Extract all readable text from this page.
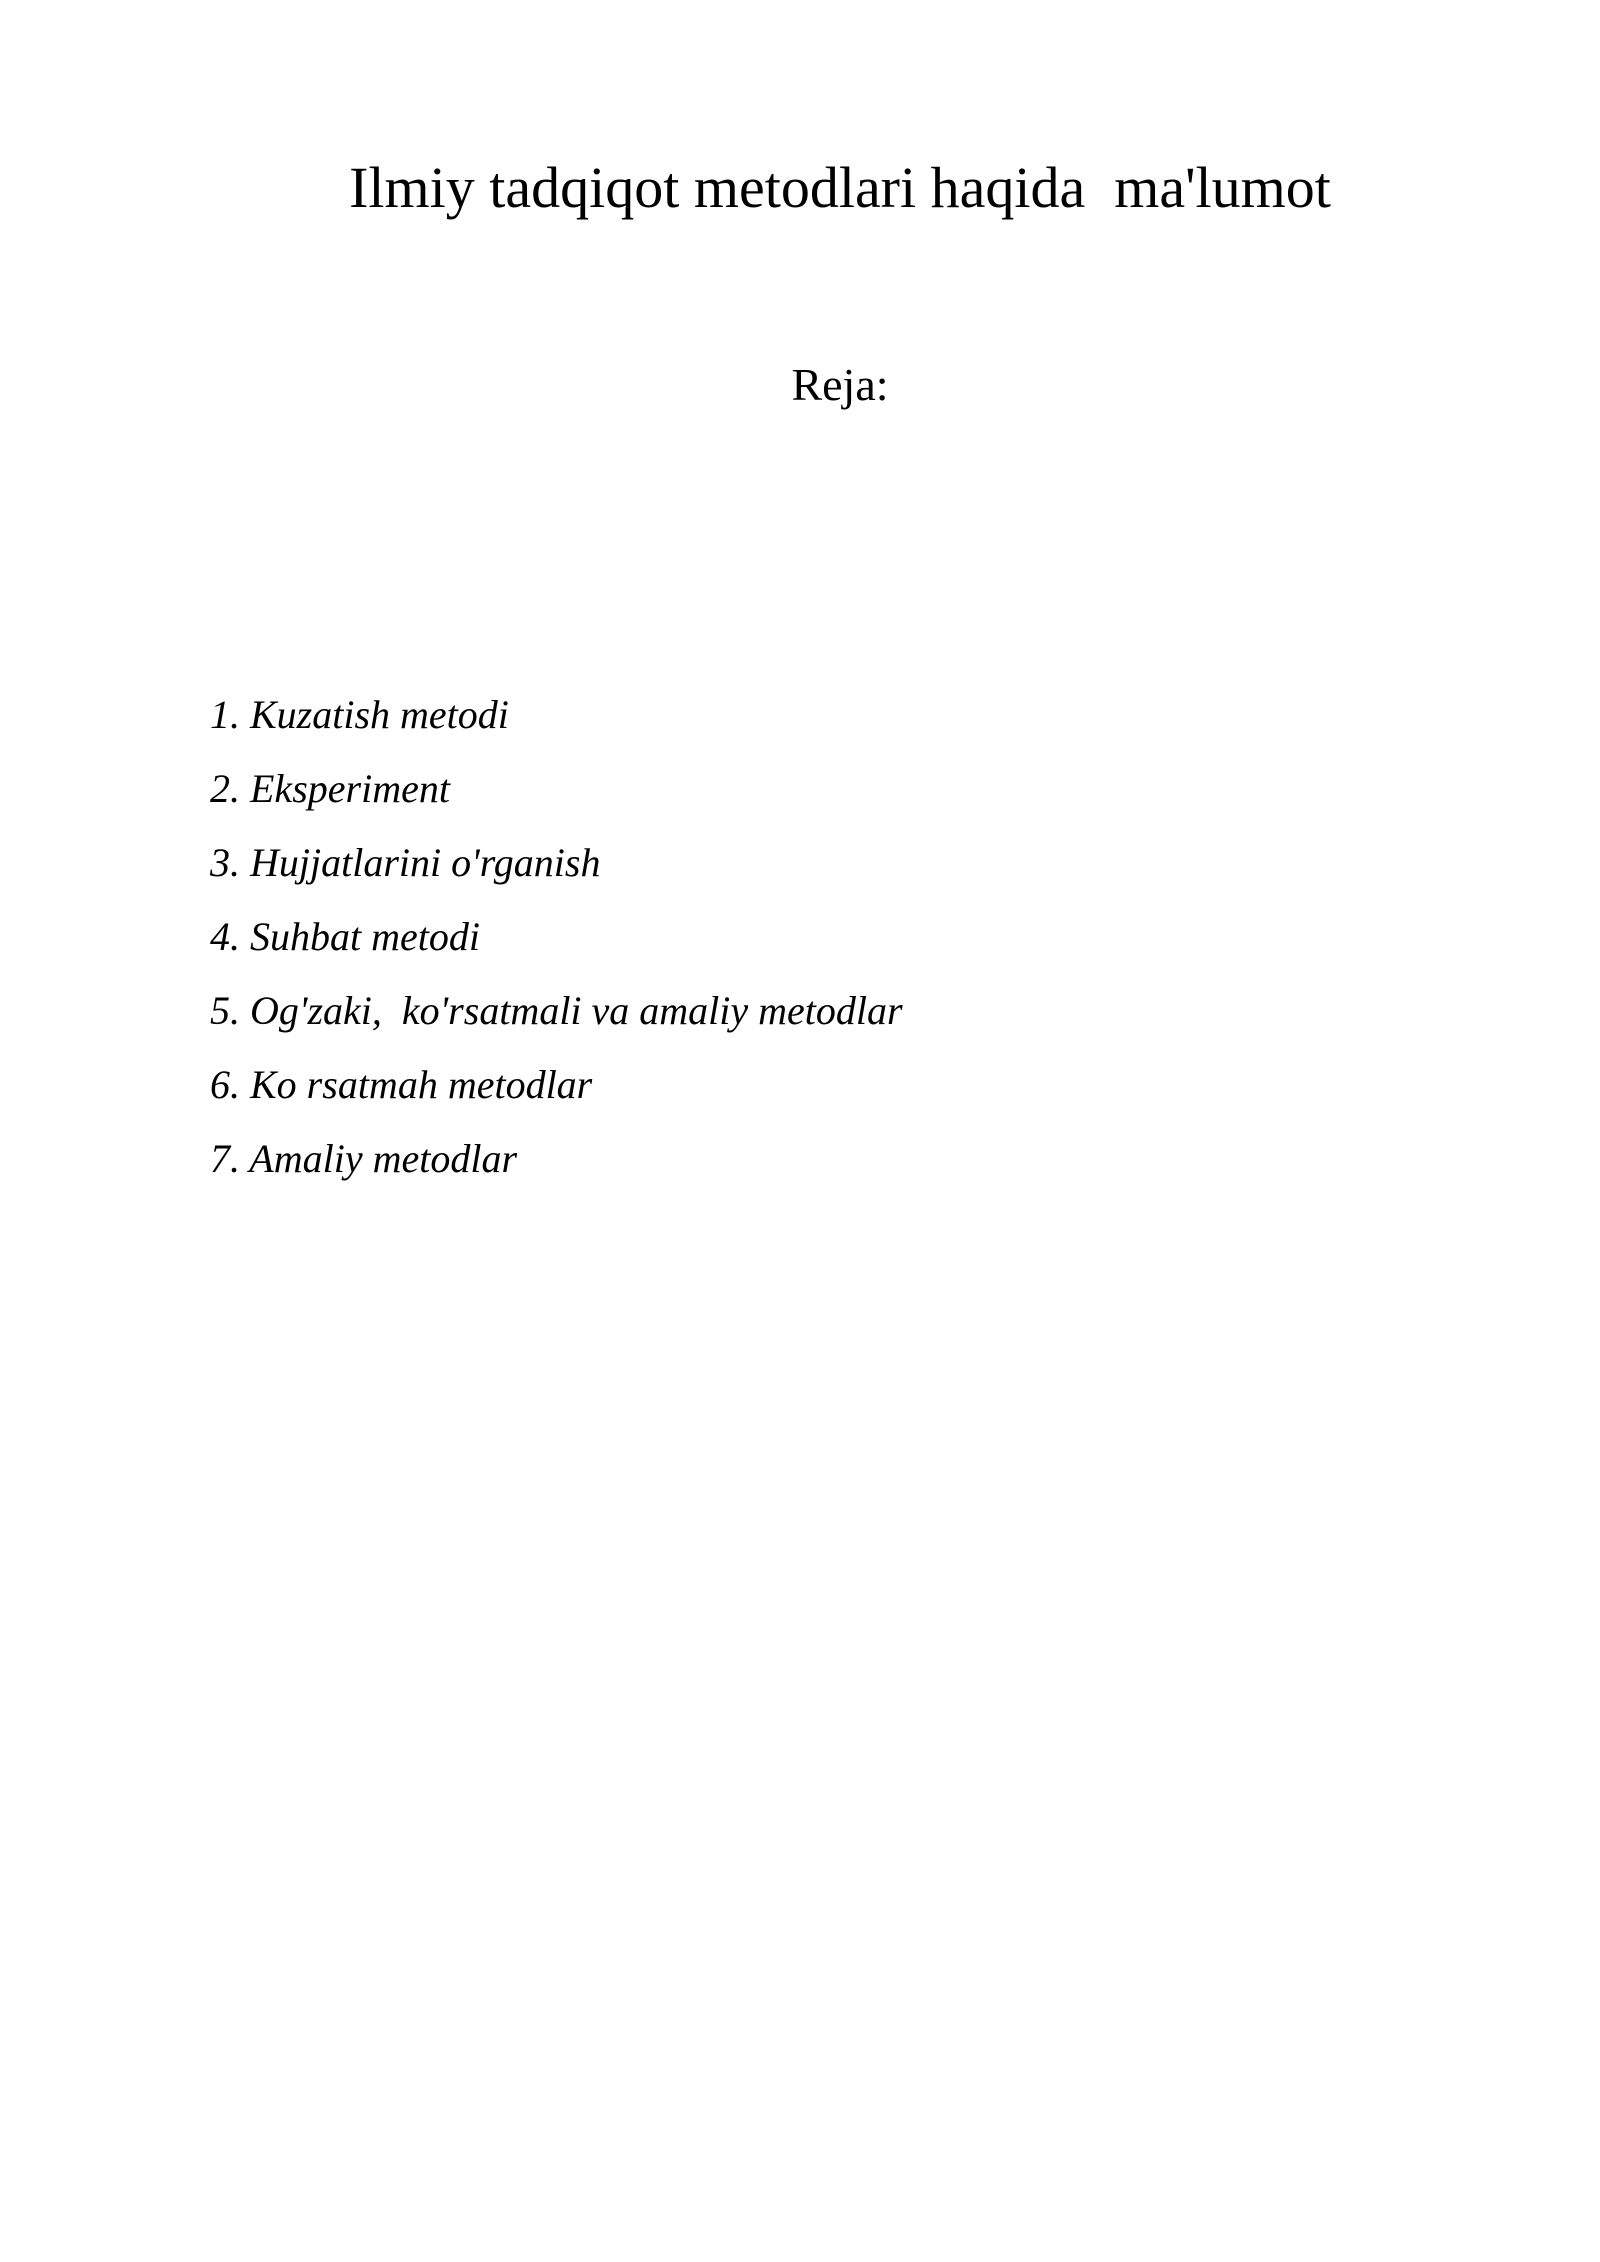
Ilmiy tadqiqot metodlari haqida  ma'lumot
Reja:
1. Kuzatish metodi
2. Eksperiment
3. Hujjatlarini o'rganish
4. Suhbat metodi
5. Og'zaki,  ko'rsatmali va amaliy metodlar
6. Ko rsatmah metodlar
7. Amaliy metodlar
